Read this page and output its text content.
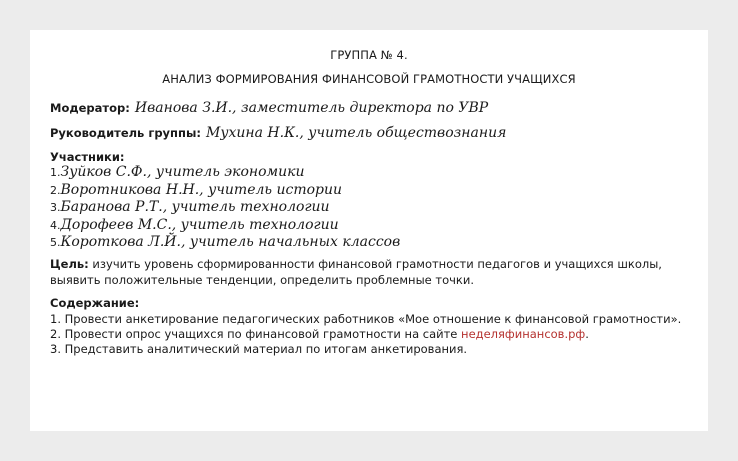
ГРУППА № 4.
АНАЛИЗ ФОРМИРОВАНИЯ ФИНАНСОВОЙ ГРАМОТНОСТИ УЧАЩИХСЯ
Модератор: Иванова З.И., заместитель директора по УВР
Руководитель группы: Мухина Н.К., учитель обществознания
Участники:
1.Зуйков С.Ф., учитель экономики
2.Воротникова Н.Н., учитель истории
3.Баранова Р.Т., учитель технологии
4.Дорофеев М.С., учитель технологии
5.Короткова Л.Й., учитель начальных классов
Цель: изучить уровень сформированности финансовой грамотности педагогов и учащихся школы, выявить положительные тенденции, определить проблемные точки.
Содержание:
1. Провести анкетирование педагогических работников «Мое отношение к финансовой грамотности».
2. Провести опрос учащихся по финансовой грамотности на сайте неделяфинансов.рф.
3. Представить аналитический материал по итогам анкетирования.
